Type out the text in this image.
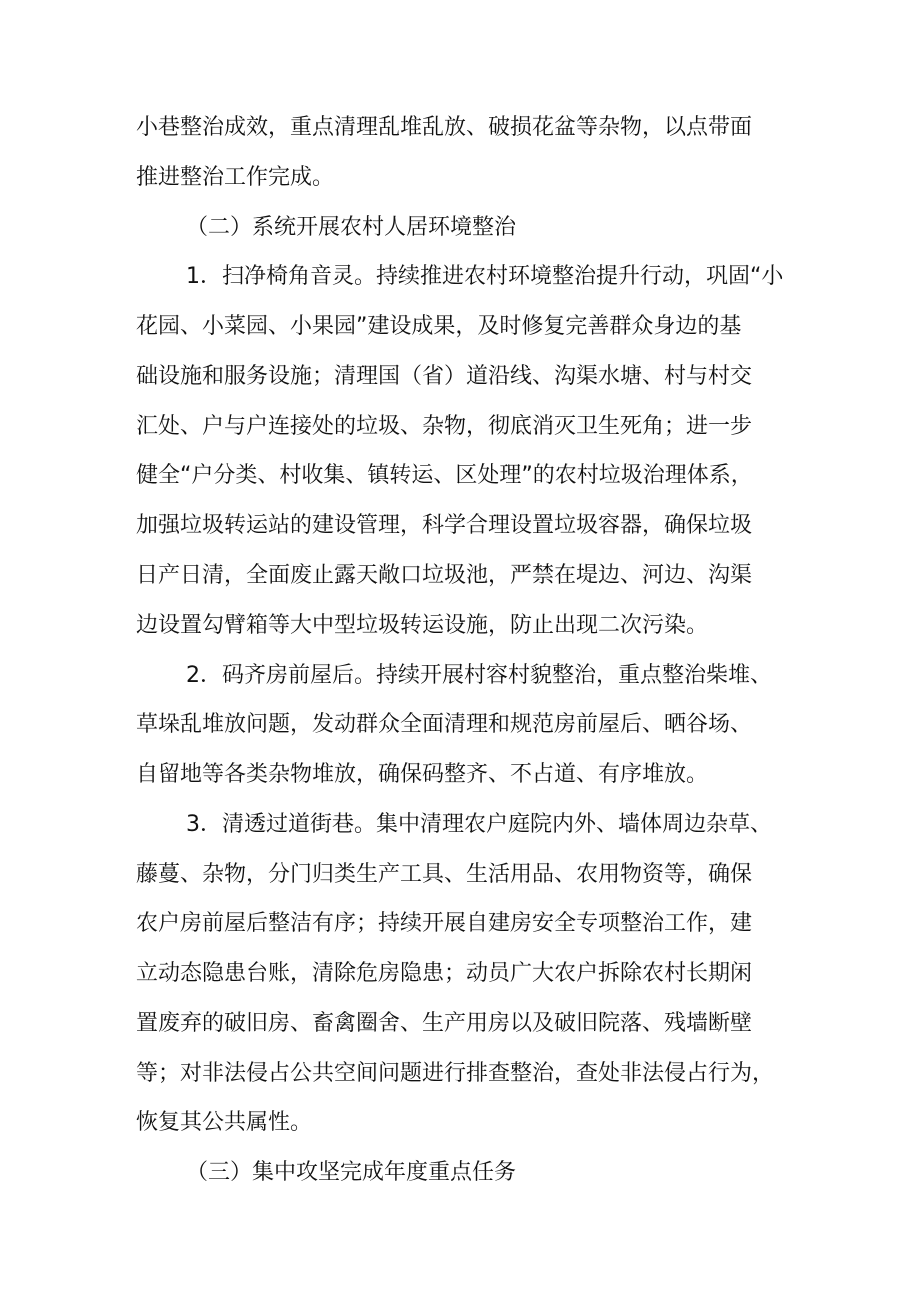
小巷整治成效，重点清理乱堆乱放、破损花盆等杂物，以点带面
推进整治工作完成。
（二）系统开展农村人居环境整治
1．扫净椅角音灵。持续推进农村环境整治提升行动，巩固“小
花园、小菜园、小果园”建设成果，及时修复完善群众身边的基
础设施和服务设施；清理国（省）道沿线、沟渠水塘、村与村交
汇处、户与户连接处的垃圾、杂物，彻底消灭卫生死角；进一步
健全“户分类、村收集、镇转运、区处理”的农村垃圾治理体系，
加强垃圾转运站的建设管理，科学合理设置垃圾容器，确保垃圾
日产日清，全面废止露天敞口垃圾池，严禁在堤边、河边、沟渠
边设置勾臂箱等大中型垃圾转运设施，防止出现二次污染。
2．码齐房前屋后。持续开展村容村貌整治，重点整治柴堆、
草垛乱堆放问题，发动群众全面清理和规范房前屋后、晒谷场、
自留地等各类杂物堆放，确保码整齐、不占道、有序堆放。
3．清透过道街巷。集中清理农户庭院内外、墙体周边杂草、
藤蔓、杂物，分门归类生产工具、生活用品、农用物资等，确保
农户房前屋后整洁有序；持续开展自建房安全专项整治工作，建
立动态隐患台账，清除危房隐患；动员广大农户拆除农村长期闲
置废弃的破旧房、畜禽圈舍、生产用房以及破旧院落、残墙断壁
等；对非法侵占公共空间问题进行排查整治，查处非法侵占行为，
恢复其公共属性。
（三）集中攻坚完成年度重点任务
